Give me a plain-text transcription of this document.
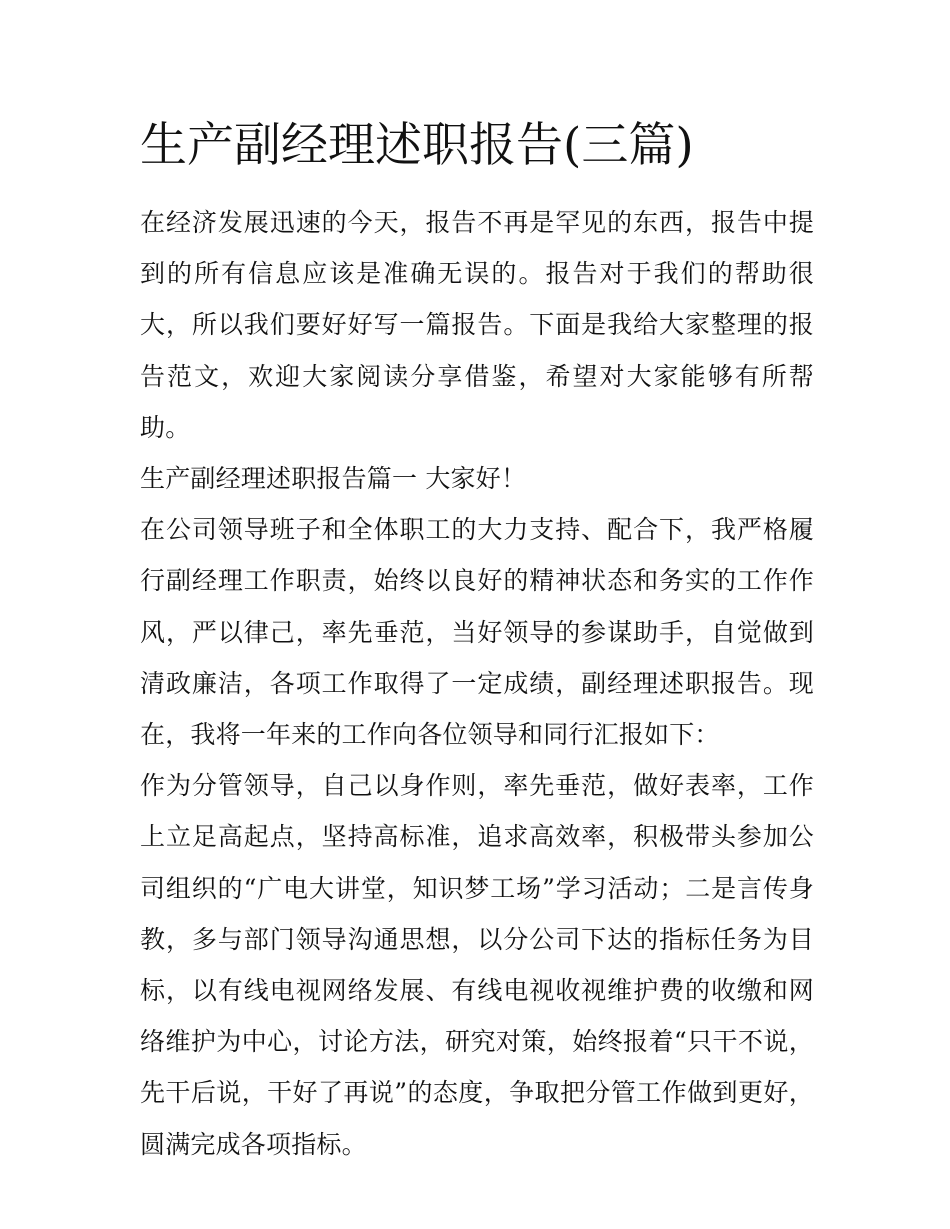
生产副经理述职报告(三篇)

在经济发展迅速的今天，报告不再是罕见的东西，报告中提到的所有信息应该是准确无误的。报告对于我们的帮助很大，所以我们要好好写一篇报告。下面是我给大家整理的报告范文，欢迎大家阅读分享借鉴，希望对大家能够有所帮助。

生产副经理述职报告篇一 大家好！

在公司领导班子和全体职工的大力支持、配合下，我严格履行副经理工作职责，始终以良好的精神状态和务实的工作作风，严以律己，率先垂范，当好领导的参谋助手，自觉做到清政廉洁，各项工作取得了一定成绩，副经理述职报告。现在，我将一年来的工作向各位领导和同行汇报如下：

作为分管领导，自己以身作则，率先垂范，做好表率，工作上立足高起点，坚持高标准，追求高效率，积极带头参加公司组织的“广电大讲堂，知识梦工场”学习活动；二是言传身教，多与部门领导沟通思想，以分公司下达的指标任务为目标，以有线电视网络发展、有线电视收视维护费的收缴和网络维护为中心，讨论方法，研究对策，始终报着“只干不说，先干后说，干好了再说”的态度，争取把分管工作做到更好，圆满完成各项指标。
